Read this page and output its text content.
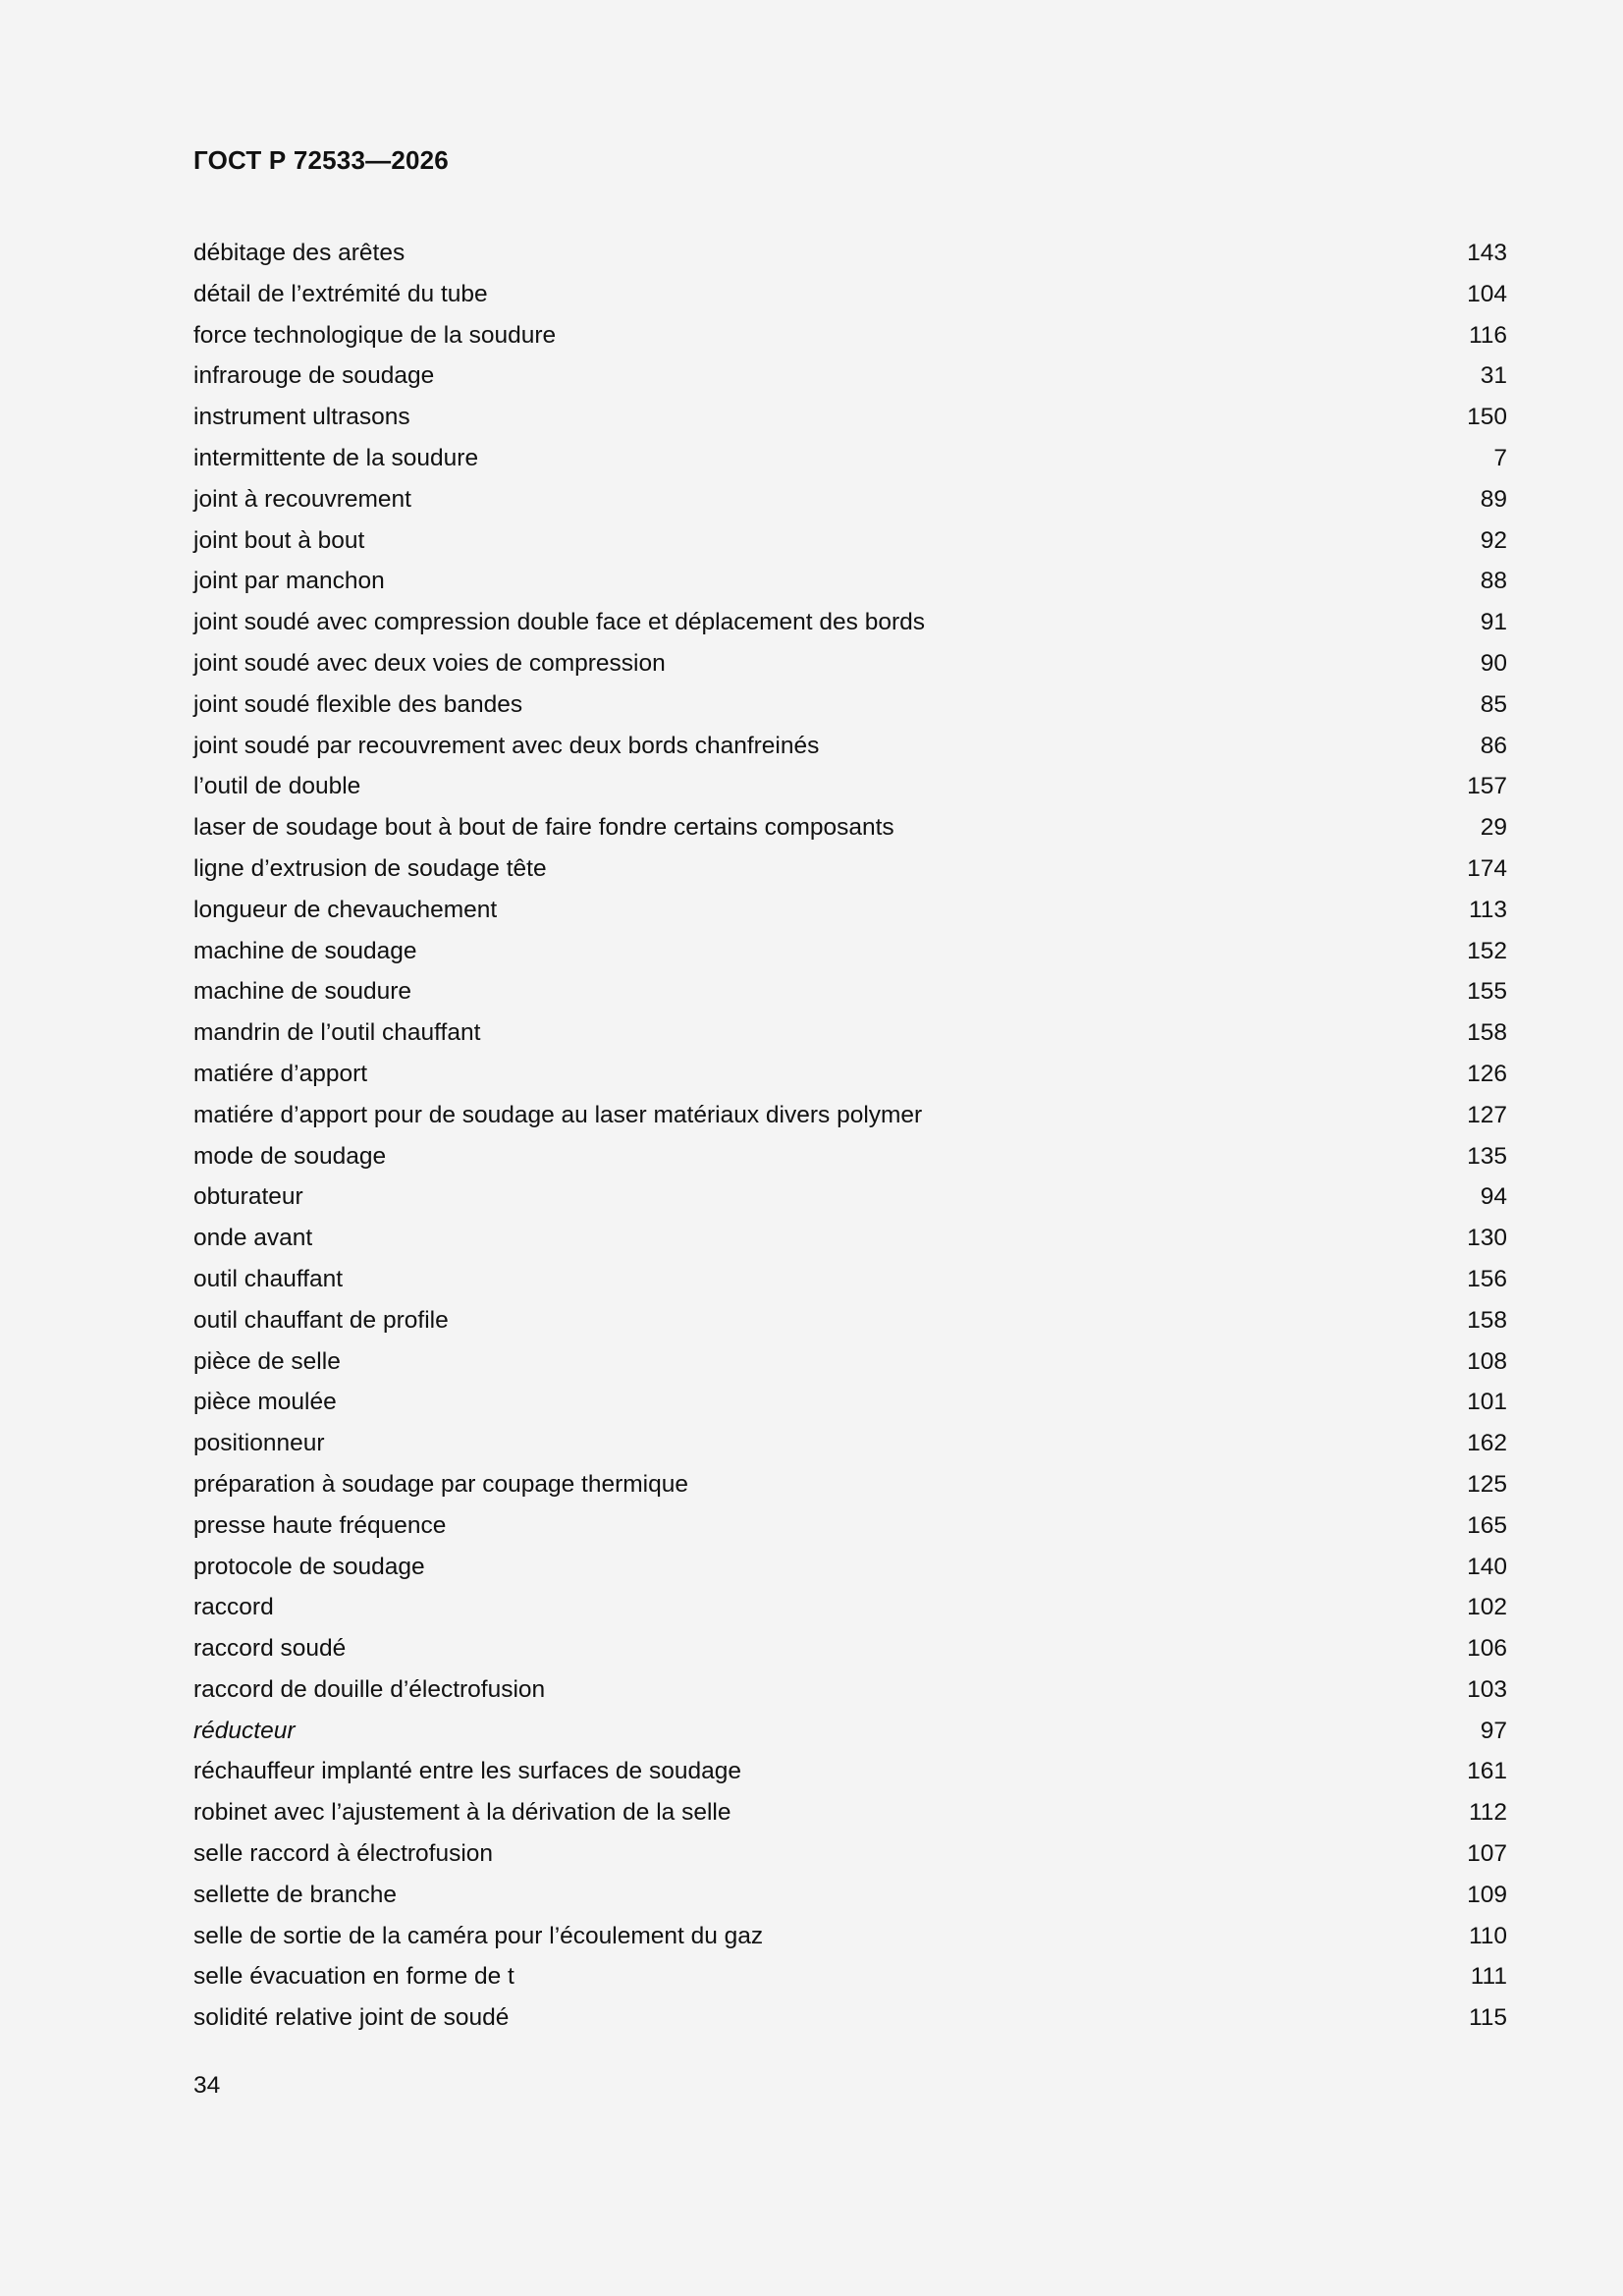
ГОСТ Р 72533—2026
débitage des arêtes	143
détail de l’extrémité du tube	104
force technologique de la soudure	116
infrarouge de soudage	31
instrument ultrasons	150
intermittente de la soudure	7
joint à recouvrement	89
joint bout à bout	92
joint par manchon	88
joint soudé avec compression double face et déplacement des bords	91
joint soudé avec deux voies de compression	90
joint soudé flexible des bandes	85
joint soudé par recouvrement avec deux bords chanfreinés	86
l’outil de double	157
laser de soudage bout à bout de faire fondre certains composants	29
ligne d’extrusion de soudage tête	174
longueur de chevauchement	113
machine de soudage	152
machine de soudure	155
mandrin de l’outil chauffant	158
matiére d’apport	126
matiére d’apport pour de soudage au laser matériaux divers polymer	127
mode de soudage	135
obturateur	94
onde avant	130
outil chauffant	156
outil chauffant de profile	158
pièce de selle	108
pièce moulée	101
positionneur	162
préparation à soudage par coupage thermique	125
presse haute fréquence	165
protocole de soudage	140
raccord	102
raccord soudé	106
raccord de douille d’électrofusion	103
réducteur	97
réchauffeur implanté entre les surfaces de soudage	161
robinet avec l’ajustement à la dérivation de la selle	112
selle raccord à électrofusion	107
sellette de branche	109
selle de sortie de la caméra pour l’écoulement du gaz	110
selle évacuation en forme de t	111
solidité relative joint de soudé	115
34
